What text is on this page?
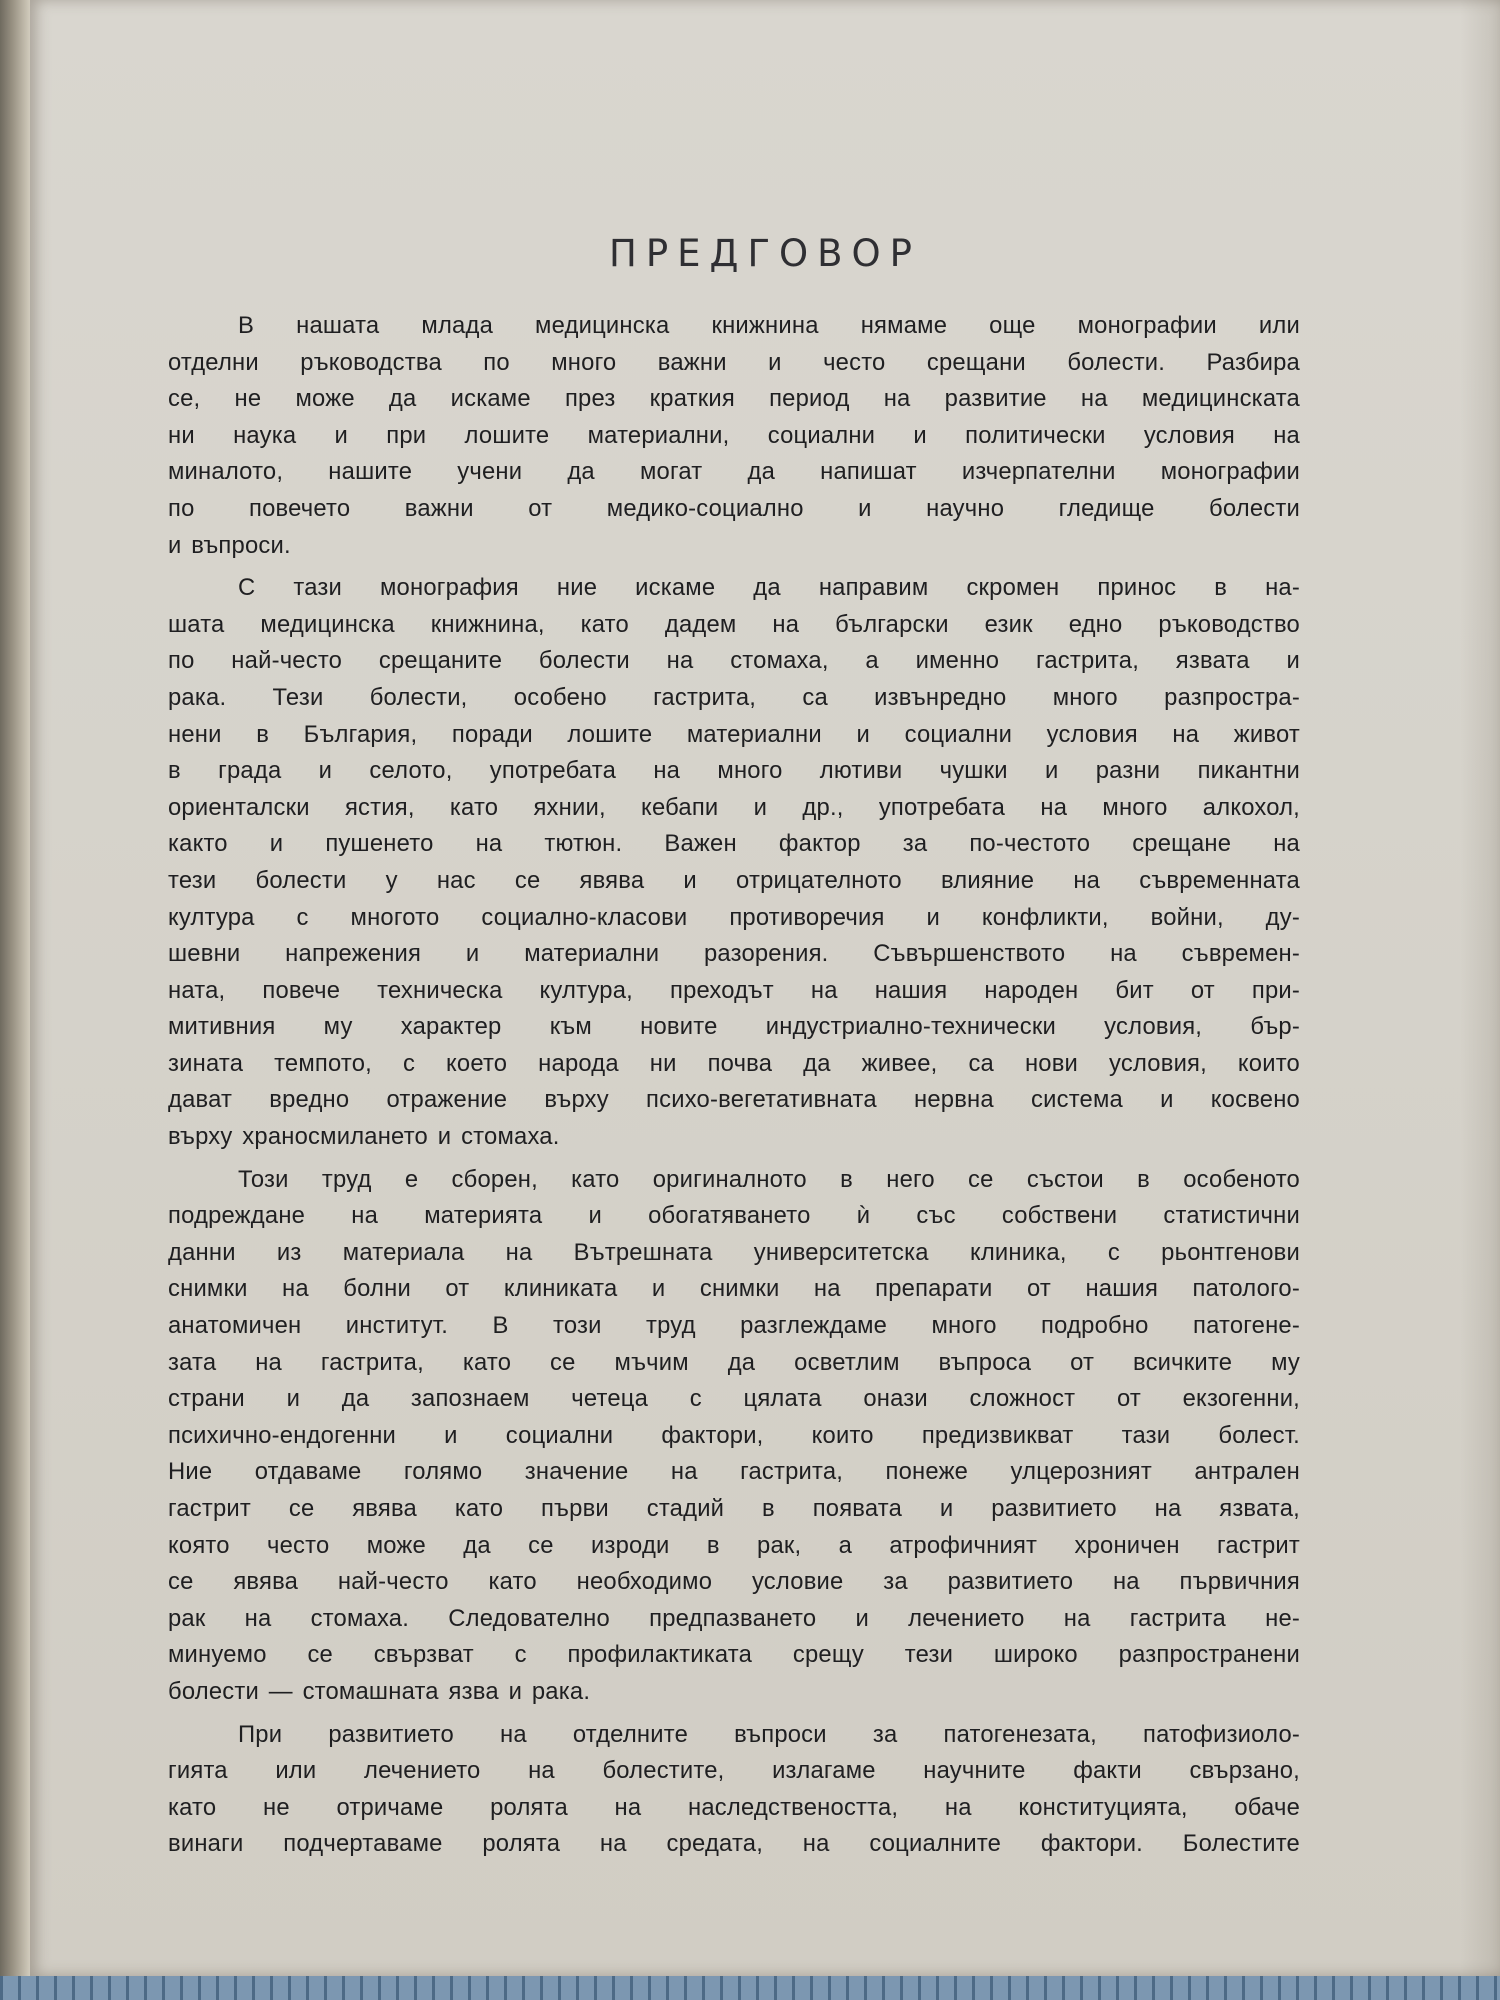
ПРЕДГОВОР
В нашата млада медицинска книжнина нямаме още монографии или
отделни ръководства по много важни и често срещани болести. Разбира
се, не може да искаме през краткия период на развитие на медицинската
ни наука и при лошите материални, социални и политически условия на
миналото, нашите учени да могат да напишат изчерпателни монографии
по повечето важни от медико-социално и научно гледище болести
и въпроси.
С тази монография ние искаме да направим скромен принос в на-
шата медицинска книжнина, като дадем на български език едно ръководство
по най-често срещаните болести на стомаха, а именно гастрита, язвата и
рака. Тези болести, особено гастрита, са извънредно много разпростра-
нени в България, поради лошите материални и социални условия на живот
в града и селото, употребата на много лютиви чушки и разни пикантни
ориенталски ястия, като яхнии, кебапи и др., употребата на много алкохол,
както и пушенето на тютюн. Важен фактор за по-честото срещане на
тези болести у нас се явява и отрицателното влияние на съвременната
култура с многото социално-класови противоречия и конфликти, войни, ду-
шевни напрежения и материални разорения. Съвършенството на съвремен-
ната, повече техническа култура, преходът на нашия народен бит от при-
митивния му характер към новите индустриално-технически условия, бър-
зината темпото, с което народа ни почва да живее, са нови условия, които
дават вредно отражение върху психо-вегетативната нервна система и косвено
върху храносмилането и стомаха.
Този труд е сборен, като оригиналното в него се състои в особеното
подреждане на материята и обогатяването ѝ със собствени статистични
данни из материала на Вътрешната университетска клиника, с рьонтгенови
снимки на болни от клиниката и снимки на препарати от нашия патолого-
анатомичен институт. В този труд разглеждаме много подробно патогене-
зата на гастрита, като се мъчим да осветлим въпроса от всичките му
страни и да запознаем четеца с цялата онази сложност от екзогенни,
психично-ендогенни и социални фактори, които предизвикват тази болест.
Ние отдаваме голямо значение на гастрита, понеже улцерозният антрален
гастрит се явява като първи стадий в появата и развитието на язвата,
която често може да се изроди в рак, а атрофичният хроничен гастрит
се явява най-често като необходимо условие за развитието на първичния
рак на стомаха. Следователно предпазването и лечението на гастрита не-
минуемо се свързват с профилактиката срещу тези широко разпространени
болести — стомашната язва и рака.
При развитието на отделните въпроси за патогенезата, патофизиоло-
гията или лечението на болестите, излагаме научните факти свързано,
като не отричаме ролята на наследствеността, на конституцията, обаче
винаги подчертаваме ролята на средата, на социалните фактори. Болестите
